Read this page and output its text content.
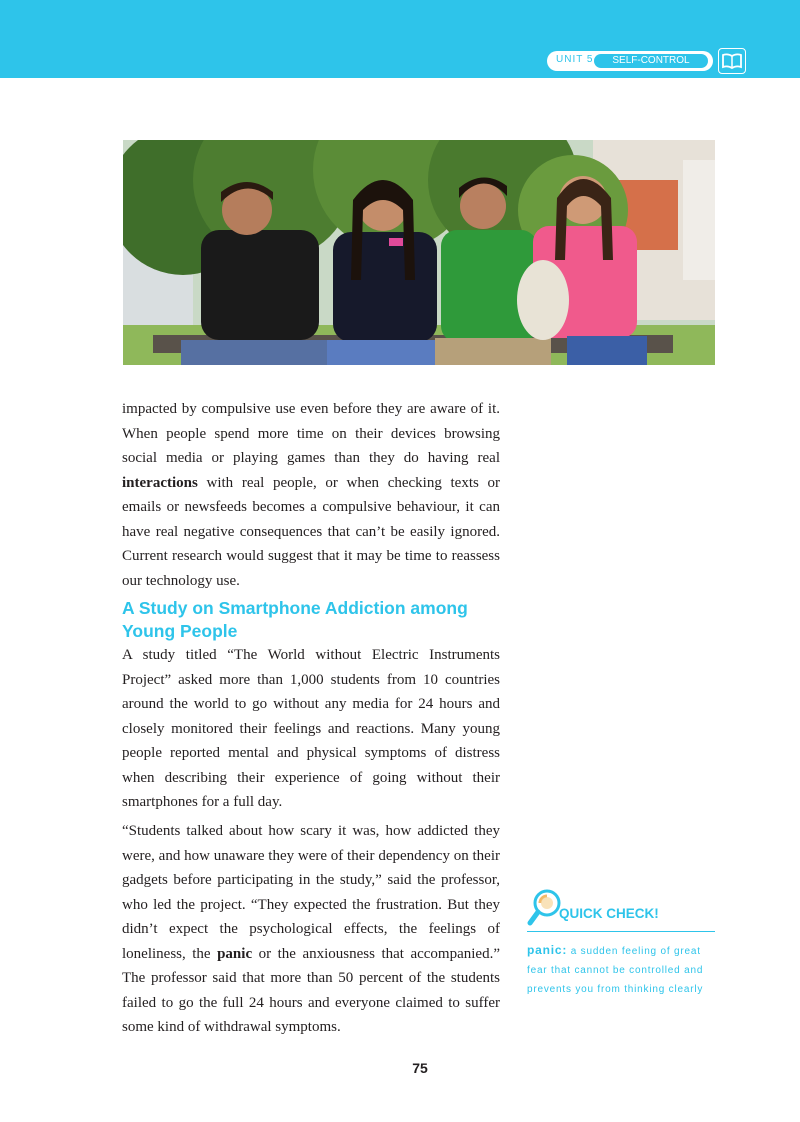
UNIT 5	SELF-CONTROL

impacted by compulsive use even before they are aware of it. When people spend more time on their devices browsing social media or playing games than they do having real interactions with real people, or when checking texts or emails or newsfeeds becomes a compulsive behaviour, it can have real negative consequences that can’t be easily ignored. Current research would suggest that it may be time to reassess our technology use.

A Study on Smartphone Addiction among Young People

A study titled “The World without Electric Instruments Project” asked more than 1,000 students from 10 countries around the world to go without any media for 24 hours and closely monitored their feelings and reactions. Many young people reported mental and physical symptoms of distress when describing their experience of going without their smartphones for a full day.

“Students talked about how scary it was, how addicted they were, and how unaware they were of their dependency on their gadgets before participating in the study,” said the professor, who led the project. “They expected the frustration. But they didn’t expect the psychological effects, the feelings of loneliness, the panic or the anxiousness that accompanied.” The professor said that more than 50 percent of the students failed to go the full 24 hours and everyone claimed to suffer some kind of withdrawal symptoms.

QUICK CHECK!
panic: a sudden feeling of great fear that cannot be controlled and prevents you from thinking clearly
75
